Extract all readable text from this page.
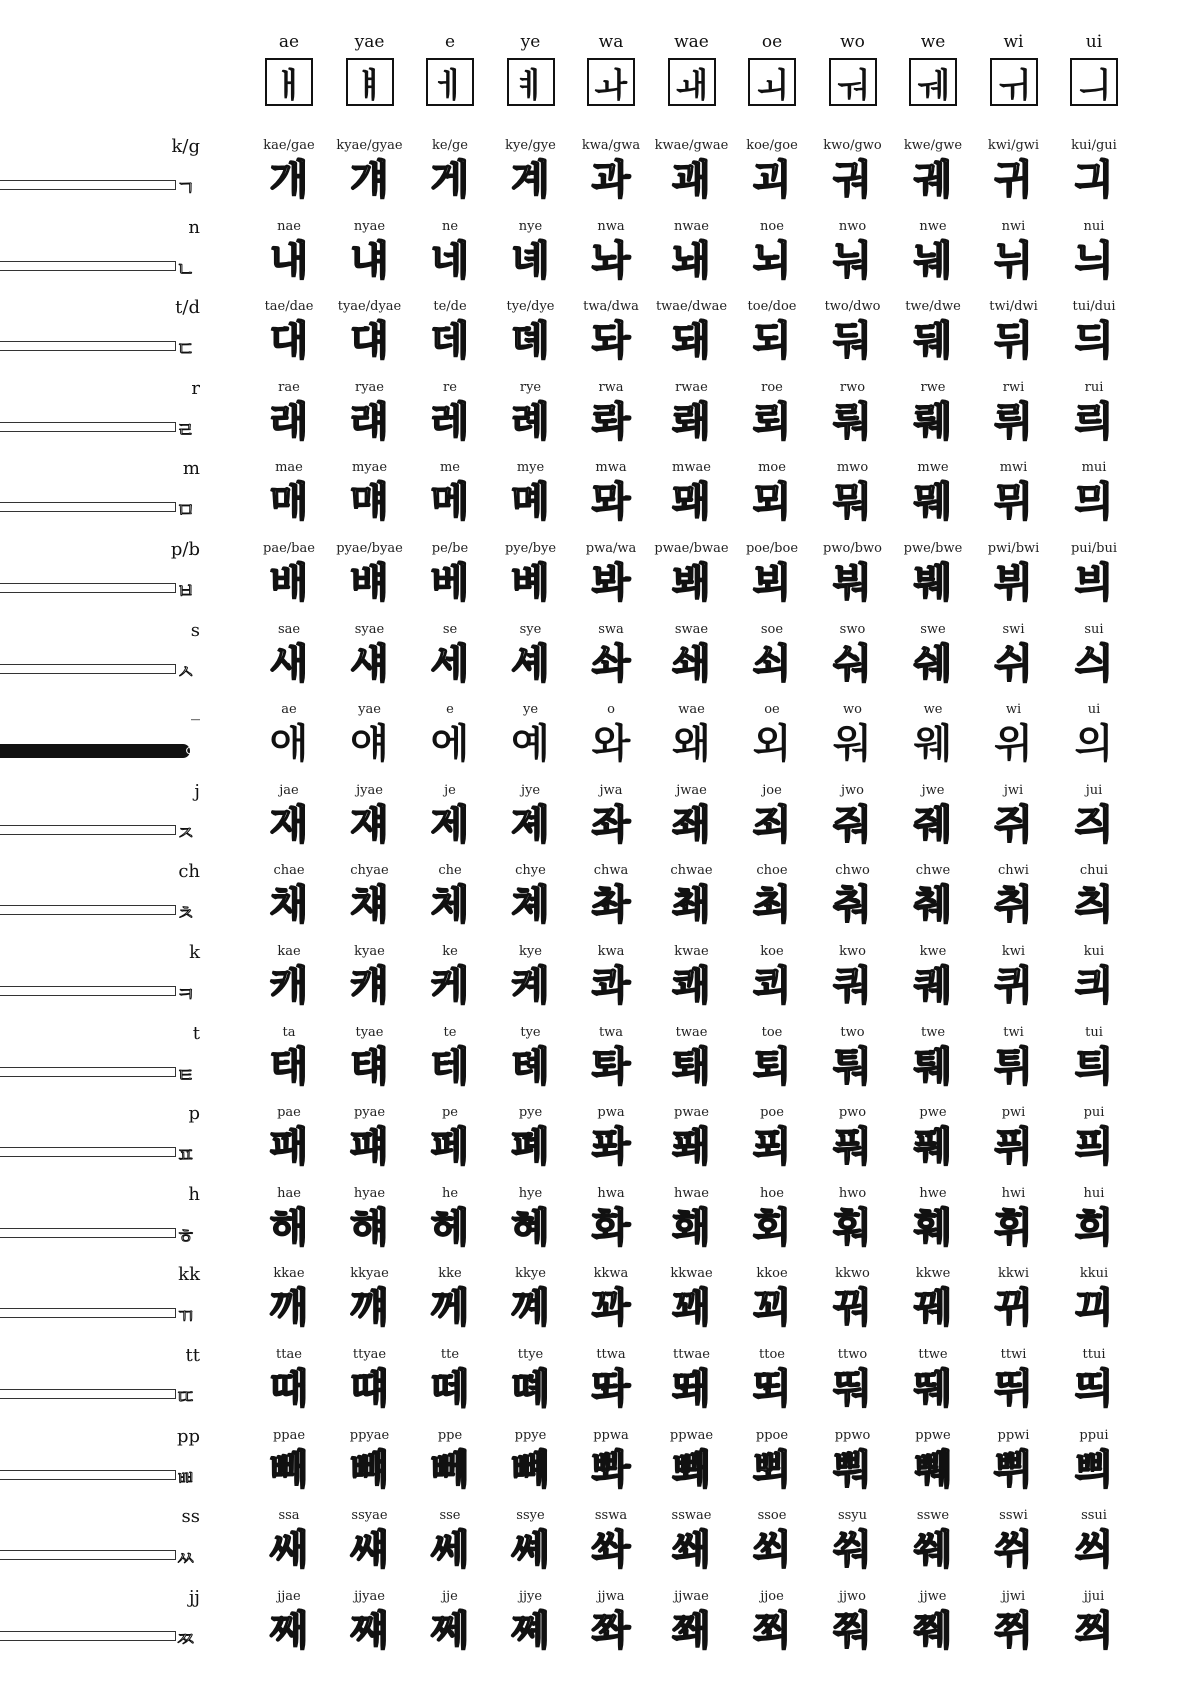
ae
ㅐ
yae
ㅒ
e
ㅔ
ye
ㅖ
wa
ㅘ
wae
ㅙ
oe
ㅚ
wo
ㅝ
we
ㅞ
wi
ㅟ
ui
ㅢ
k/g
ㄱ
kae/gae
개
kyae/gyae
걔
ke/ge
게
kye/gye
계
kwa/gwa
과
kwae/gwae
괘
koe/goe
괴
kwo/gwo
궈
kwe/gwe
궤
kwi/gwi
귀
kui/gui
긔
n
ㄴ
nae
내
nyae
냬
ne
네
nye
녜
nwa
놔
nwae
놰
noe
뇌
nwo
눠
nwe
눼
nwi
뉘
nui
늬
t/d
ㄷ
tae/dae
대
tyae/dyae
댸
te/de
데
tye/dye
뎨
twa/dwa
돠
twae/dwae
돼
toe/doe
되
two/dwo
둬
twe/dwe
뒈
twi/dwi
뒤
tui/dui
듸
r
ㄹ
rae
래
ryae
럐
re
레
rye
례
rwa
롸
rwae
뢔
roe
뢰
rwo
뤄
rwe
뤠
rwi
뤼
rui
릐
m
ㅁ
mae
매
myae
먜
me
메
mye
몌
mwa
뫄
mwae
뫠
moe
뫼
mwo
뭐
mwe
뭬
mwi
뮈
mui
믜
p/b
ㅂ
pae/bae
배
pyae/byae
뱨
pe/be
베
pye/bye
볘
pwa/wa
봐
pwae/bwae
봬
poe/boe
뵈
pwo/bwo
붜
pwe/bwe
붸
pwi/bwi
뷔
pui/bui
븨
s
ㅅ
sae
새
syae
섀
se
세
sye
셰
swa
솨
swae
쇄
soe
쇠
swo
숴
swe
쉐
swi
쉬
sui
싀
_
ㅇ
ae
애
yae
얘
e
에
ye
예
o
와
wae
왜
oe
외
wo
워
we
웨
wi
위
ui
의
j
ㅈ
jae
재
jyae
쟤
je
제
jye
졔
jwa
좌
jwae
좨
joe
죄
jwo
줘
jwe
줴
jwi
쥐
jui
즤
ch
ㅊ
chae
채
chyae
챼
che
체
chye
쳬
chwa
촤
chwae
쵀
choe
최
chwo
춰
chwe
췌
chwi
취
chui
츼
k
ㅋ
kae
캐
kyae
컈
ke
케
kye
켸
kwa
콰
kwae
쾌
koe
쾨
kwo
쿼
kwe
퀘
kwi
퀴
kui
킈
t
ㅌ
ta
태
tyae
턔
te
테
tye
톄
twa
톼
twae
퇘
toe
퇴
two
퉈
twe
퉤
twi
튀
tui
틔
p
ㅍ
pae
패
pyae
퍠
pe
페
pye
폐
pwa
퐈
pwae
퐤
poe
푀
pwo
풔
pwe
풰
pwi
퓌
pui
픠
h
ㅎ
hae
해
hyae
햬
he
헤
hye
혜
hwa
화
hwae
홰
hoe
회
hwo
훠
hwe
훼
hwi
휘
hui
희
kk
ㄲ
kkae
깨
kkyae
꺠
kke
께
kkye
꼐
kkwa
꽈
kkwae
꽤
kkoe
꾀
kkwo
꿔
kkwe
꿰
kkwi
뀌
kkui
끠
tt
ㄸ
ttae
때
ttyae
떄
tte
떼
ttye
뗴
ttwa
똬
ttwae
뙈
ttoe
뙤
ttwo
뚸
ttwe
뛔
ttwi
뛰
ttui
띄
pp
ㅃ
ppae
빼
ppyae
뺴
ppe
뻬
ppye
뼤
ppwa
뽜
ppwae
뽸
ppoe
뾔
ppwo
뿨
ppwe
쀄
ppwi
쀠
ppui
쁴
ss
ㅆ
ssa
쌔
ssyae
썌
sse
쎄
ssye
쎼
sswa
쏴
sswae
쐐
ssoe
쐬
ssyu
쒀
sswe
쒜
sswi
쒸
ssui
씌
jj
ㅉ
jjae
째
jjyae
쨰
jje
쩨
jjye
쪠
jjwa
쫘
jjwae
쫴
jjoe
쬐
jjwo
쭤
jjwe
쮀
jjwi
쮜
jjui
쯰
